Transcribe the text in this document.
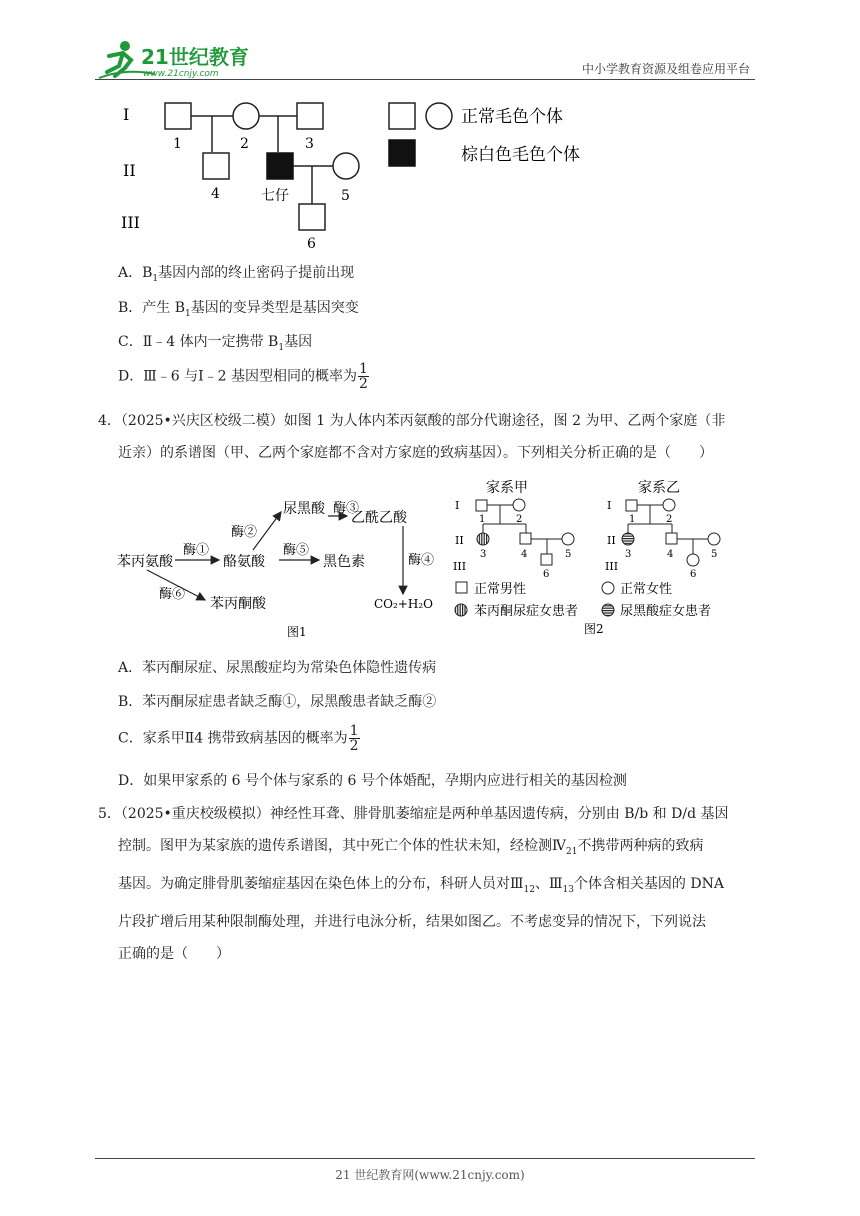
21世纪教育
www.21cnjy.com	中小学教育资源及组卷应用平台
I
II
III
1	2	3
4	七仔	5
6
正常毛色个体
棕白色毛色个体
A．$B_1$基因内部的终止密码子提前出现
B．产生 $B_1$基因的变异类型是基因突变
C．Ⅱ﹣4 体内一定携带 $B_1$基因
D．Ⅲ﹣6 与Ⅰ﹣2 基因型相同的概率为 $\frac{1}{2}$
4．（2025•兴庆区校级二模）如图 1 为人体内苯丙氨酸的部分代谢途径，图 2 为甲、乙两个家庭（非
近亲）的系谱图（甲、乙两个家庭都不含对方家庭的致病基因）。下列相关分析正确的是（　　）
苯丙氨酸	酪氨酸
尿黑酸
乙酰乙酸
黑色素
苯丙酮酸	CO₂+H₂O
酶①
酶②
酶③
酶⑤
酶④
酶⑥
图1
家系甲
I
II
III
1	2
3	4	5
6
家系乙
I
II
III
1	2
3	4	5
6
正常男性	正常女性
苯丙酮尿症女患者	尿黑酸症女患者
图2
A．苯丙酮尿症、尿黑酸症均为常染色体隐性遗传病
B．苯丙酮尿症患者缺乏酶①，尿黑酸患者缺乏酶②
C．家系甲Ⅱ4 携带致病基因的概率为 $\frac{1}{2}$
D．如果甲家系的 6 号个体与家系的 6 号个体婚配，孕期内应进行相关的基因检测
5．（2025•重庆校级模拟）神经性耳聋、腓骨肌萎缩症是两种单基因遗传病，分别由 B/b 和 D/d 基因
控制。图甲为某家族的遗传系谱图，其中死亡个体的性状未知，经检测$Ⅳ_{21}$不携带两种病的致病
基因。为确定腓骨肌萎缩症基因在染色体上的分布，科研人员对$Ⅲ_{12}$、$Ⅲ_{13}$个体含相关基因的 DNA
片段扩增后用某种限制酶处理，并进行电泳分析，结果如图乙。不考虑变异的情况下，下列说法
正确的是（　　）
21 世纪教育网(www.21cnjy.com)
